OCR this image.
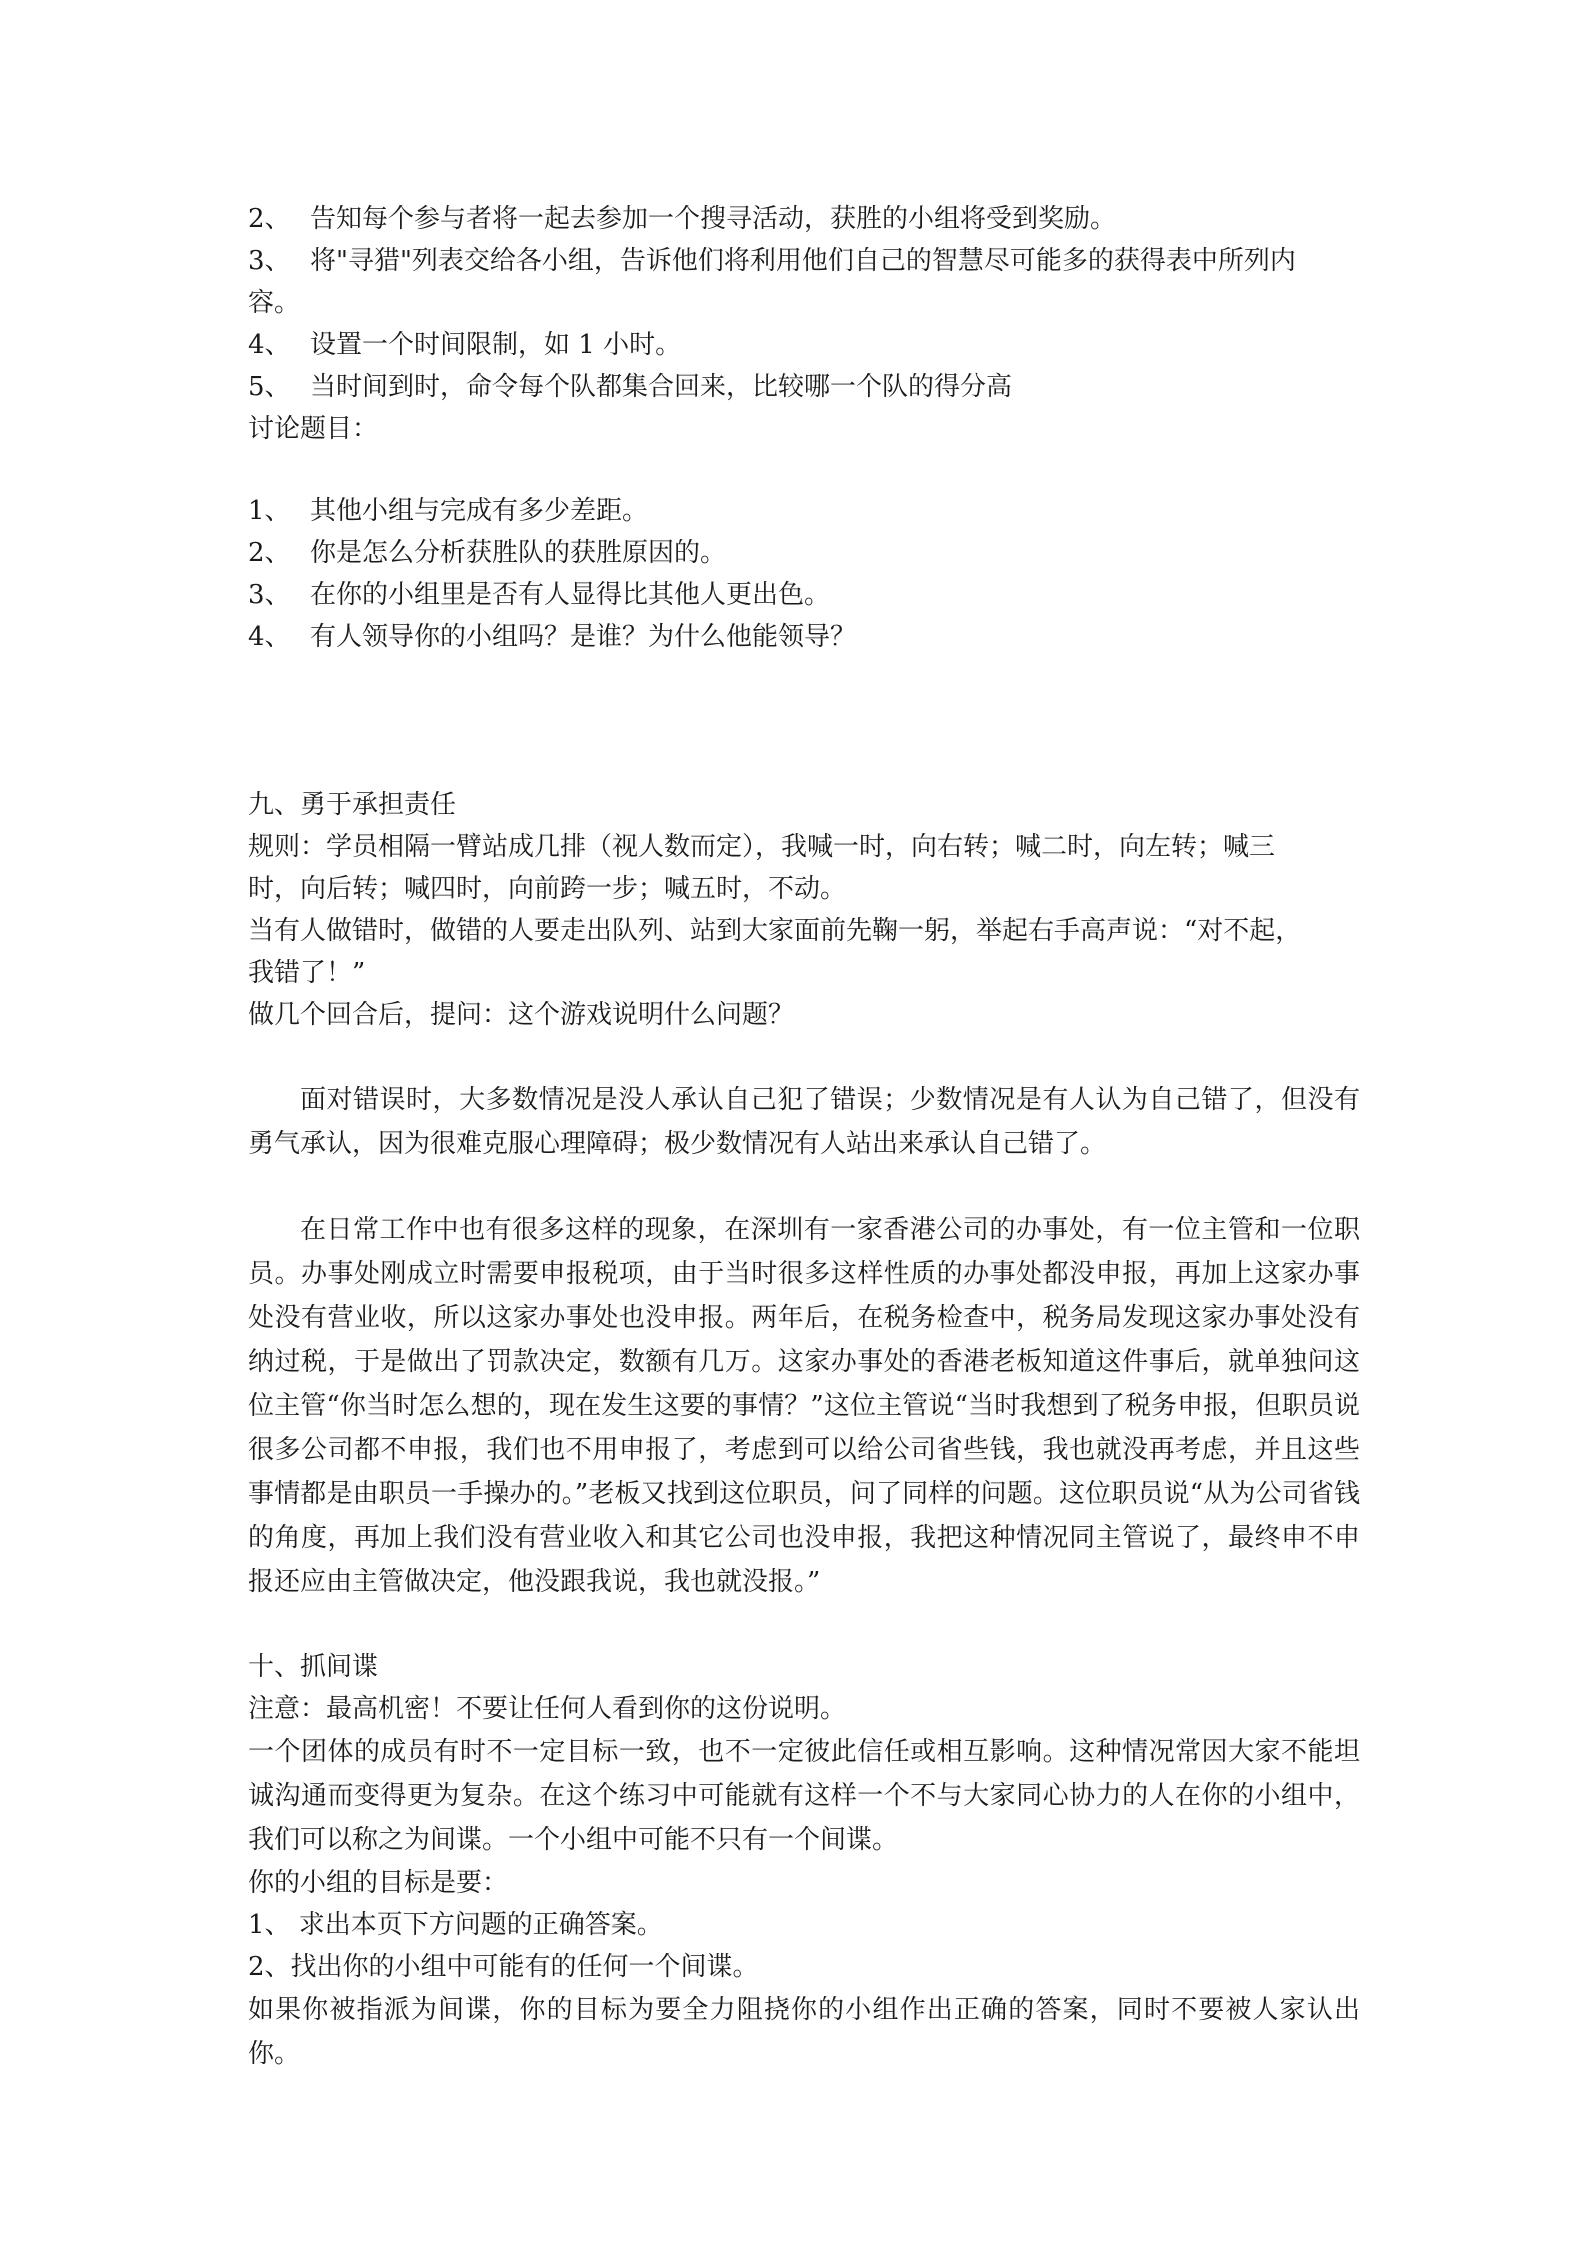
2、 告知每个参与者将一起去参加一个搜寻活动，获胜的小组将受到奖励。

3、 将"寻猎"列表交给各小组，告诉他们将利用他们自己的智慧尽可能多的获得表中所列内

容。

4、 设置一个时间限制，如 1 小时。

5、 当时间到时，命令每个队都集合回来，比较哪一个队的得分高

讨论题目：

1、 其他小组与完成有多少差距。

2、 你是怎么分析获胜队的获胜原因的。

3、 在你的小组里是否有人显得比其他人更出色。

4、 有人领导你的小组吗？是谁？为什么他能领导？

九、勇于承担责任

规则：学员相隔一臂站成几排（视人数而定），我喊一时，向右转；喊二时，向左转；喊三

时，向后转；喊四时，向前跨一步；喊五时，不动。

当有人做错时，做错的人要走出队列、站到大家面前先鞠一躬，举起右手高声说：“对不起，

我错了！”

做几个回合后，提问：这个游戏说明什么问题？

面对错误时，大多数情况是没人承认自己犯了错误；少数情况是有人认为自己错了，但没有勇气承认，因为很难克服心理障碍；极少数情况有人站出来承认自己错了。

在日常工作中也有很多这样的现象，在深圳有一家香港公司的办事处，有一位主管和一位职员。办事处刚成立时需要申报税项，由于当时很多这样性质的办事处都没申报，再加上这家办事处没有营业收，所以这家办事处也没申报。两年后，在税务检查中，税务局发现这家办事处没有纳过税，于是做出了罚款决定，数额有几万。这家办事处的香港老板知道这件事后，就单独问这位主管“你当时怎么想的，现在发生这要的事情？”这位主管说“当时我想到了税务申报，但职员说很多公司都不申报，我们也不用申报了，考虑到可以给公司省些钱，我也就没再考虑，并且这些事情都是由职员一手操办的。”老板又找到这位职员，问了同样的问题。这位职员说“从为公司省钱的角度，再加上我们没有营业收入和其它公司也没申报，我把这种情况同主管说了，最终申不申报还应由主管做决定，他没跟我说，我也就没报。”

十、抓间谍

注意：最高机密！不要让任何人看到你的这份说明。

一个团体的成员有时不一定目标一致，也不一定彼此信任或相互影响。这种情况常因大家不能坦诚沟通而变得更为复杂。在这个练习中可能就有这样一个不与大家同心协力的人在你的小组中，我们可以称之为间谍。一个小组中可能不只有一个间谍。

你的小组的目标是要：

1、 求出本页下方问题的正确答案。

2、找出你的小组中可能有的任何一个间谍。

如果你被指派为间谍，你的目标为要全力阻挠你的小组作出正确的答案，同时不要被人家认出你。
